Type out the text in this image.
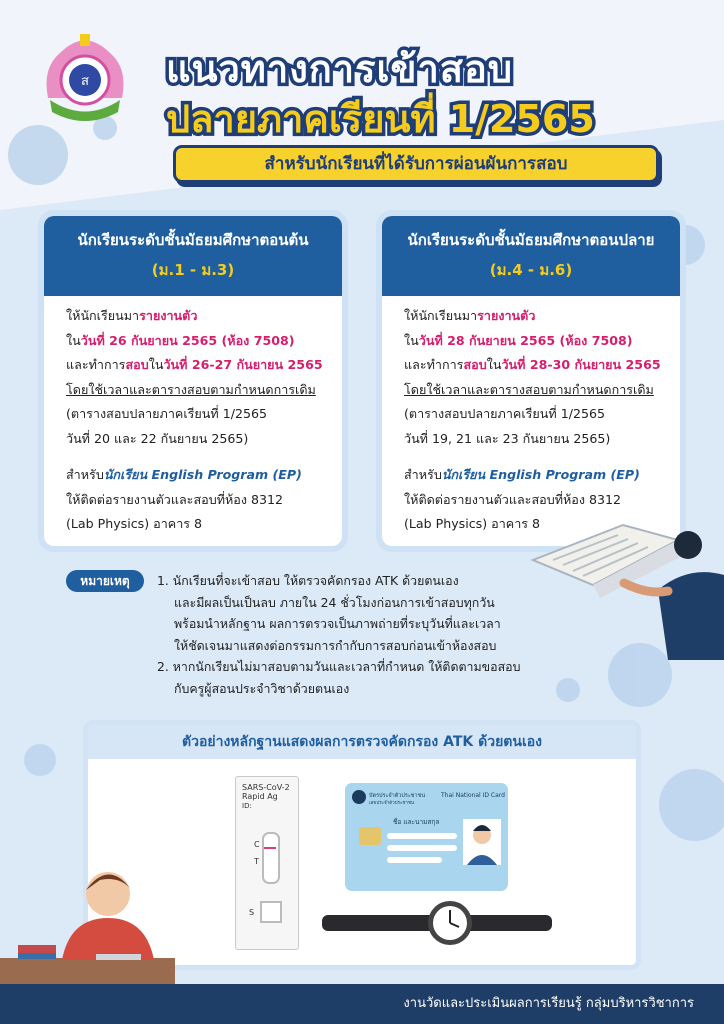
ส แนวทางการเข้าสอบ
ปลายภาคเรียนที่ 1/2565
สำหรับนักเรียนที่ได้รับการผ่อนผันการสอบ
นักเรียนระดับชั้นมัธยมศึกษาตอนต้น
(ม.1 - ม.3)
ให้นักเรียนมารายงานตัว
ในวันที่ 26 กันยายน 2565 (ห้อง 7508)
และทำการสอบในวันที่ 26-27 กันยายน 2565
โดยใช้เวลาและตารางสอบตามกำหนดการเดิม
(ตารางสอบปลายภาคเรียนที่ 1/2565
วันที่ 20 และ 22 กันยายน 2565)
สำหรับนักเรียน English Program (EP)
ให้ติดต่อรายงานตัวและสอบที่ห้อง 8312
(Lab Physics) อาคาร 8
นักเรียนระดับชั้นมัธยมศึกษาตอนปลาย
(ม.4 - ม.6)
ให้นักเรียนมารายงานตัว
ในวันที่ 28 กันยายน 2565 (ห้อง 7508)
และทำการสอบในวันที่ 28-30 กันยายน 2565
โดยใช้เวลาและตารางสอบตามกำหนดการเดิม
(ตารางสอบปลายภาคเรียนที่ 1/2565
วันที่ 19, 21 และ 23 กันยายน 2565)
สำหรับนักเรียน English Program (EP)
ให้ติดต่อรายงานตัวและสอบที่ห้อง 8312
(Lab Physics) อาคาร 8
หมายเหตุ	1. นักเรียนที่จะเข้าสอบ ให้ตรวจคัดกรอง ATK ด้วยตนเอง
และมีผลเป็นเป็นลบ ภายใน 24 ชั่วโมงก่อนการเข้าสอบทุกวัน
พร้อมนำหลักฐาน ผลการตรวจเป็นภาพถ่ายที่ระบุวันที่และเวลา
ให้ชัดเจนมาแสดงต่อกรรมการกำกับการสอบก่อนเข้าห้องสอบ
2. หากนักเรียนไม่มาสอบตามวันและเวลาที่กำหนด ให้ติดตามขอสอบ
กับครูผู้สอนประจำวิชาด้วยตนเอง
ตัวอย่างหลักฐานแสดงผลการตรวจคัดกรอง ATK ด้วยตนเอง
SARS-CoV-2
Rapid Ag
ID:
C
T
S
บัตรประจำตัวประชาชน
เลขประจำตัวประชาชน
Thai National ID Card
ชื่อ และนามสกุล
งานวัดและประเมินผลการเรียนรู้ กลุ่มบริหารวิชาการ
